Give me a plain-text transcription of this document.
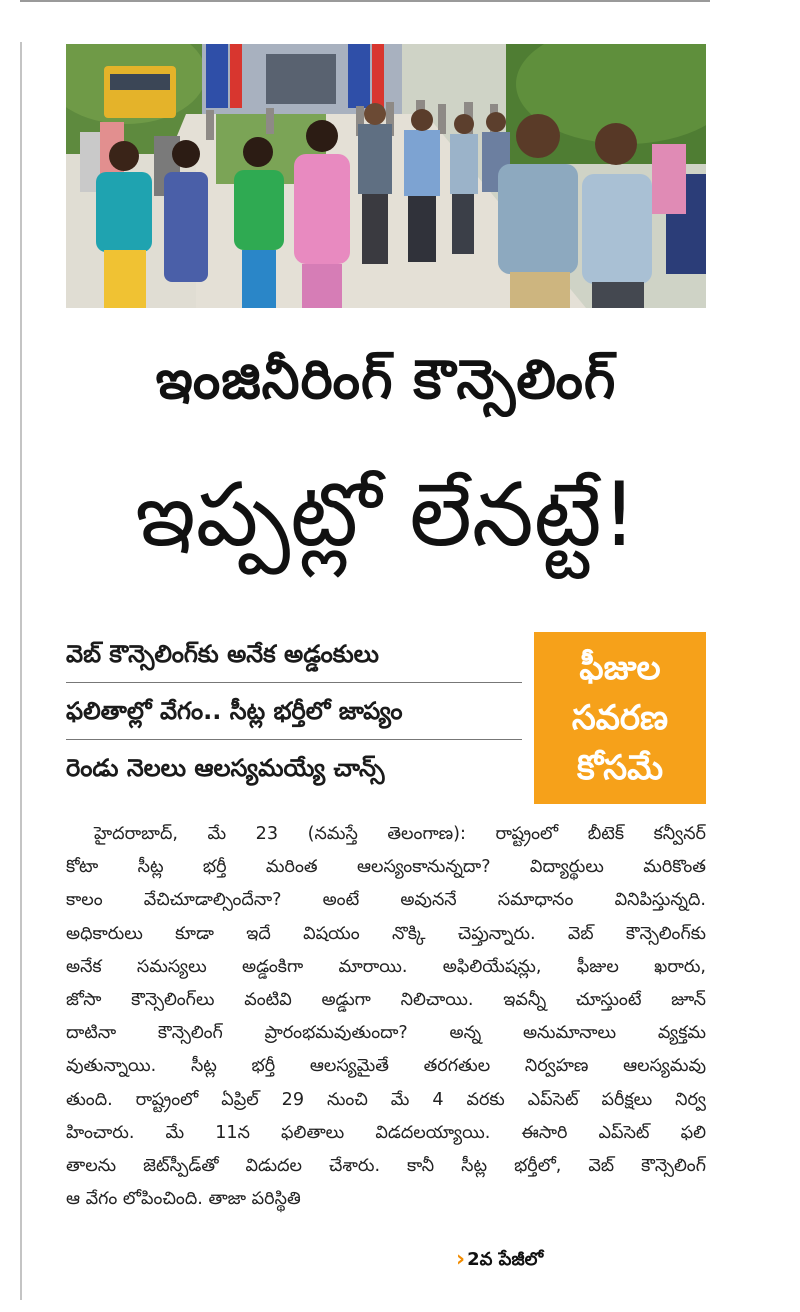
ఇంజినీరింగ్ కౌన్సెలింగ్
ఇప్పట్లో లేనట్టే!
వెబ్ కౌన్సెలింగ్‌కు అనేక అడ్డంకులు
ఫలితాల్లో వేగం.. సీట్ల భర్తీలో జాప్యం
రెండు నెలలు ఆలస్యమయ్యే చాన్స్
ఫీజుల
సవరణ
కోసమే
హైదరాబాద్, మే 23 (నమస్తే తెలంగాణ): రాష్ట్రంలో బీటెక్ కన్వీనర్
కోటా సీట్ల భర్తీ మరింత ఆలస్యంకానున్నదా? విద్యార్థులు మరికొంత
కాలం వేచిచూడాల్సిందేనా? అంటే అవుననే సమాధానం వినిపిస్తున్నది.
అధికారులు కూడా ఇదే విషయం నొక్కి చెప్తున్నారు. వెబ్ కౌన్సెలింగ్‌కు
అనేక సమస్యలు అడ్డంకిగా మారాయి. అఫిలియేషన్లు, ఫీజుల ఖరారు,
జోసా కౌన్సెలింగ్‌లు వంటివి అడ్డుగా నిలిచాయి. ఇవన్నీ చూస్తుంటే జూన్
దాటినా కౌన్సెలింగ్ ప్రారంభమవుతుందా? అన్న అనుమానాలు వ్యక్తమ
వుతున్నాయి. సీట్ల భర్తీ ఆలస్యమైతే తరగతుల నిర్వహణ ఆలస్యమవు
తుంది. రాష్ట్రంలో ఏప్రిల్ 29 నుంచి మే 4 వరకు ఎప్‌సెట్ పరీక్షలు నిర్వ
హించారు. మే 11న ఫలితాలు విడదలయ్యాయి. ఈసారి ఎప్‌సెట్ ఫలి
తాలను జెట్‌స్పీడ్‌తో విడుదల చేశారు. కానీ సీట్ల భర్తీలో, వెబ్ కౌన్సెలింగ్
ఆ వేగం లోపించింది. తాజా పరిస్థితి
› 2వ పేజీలో
